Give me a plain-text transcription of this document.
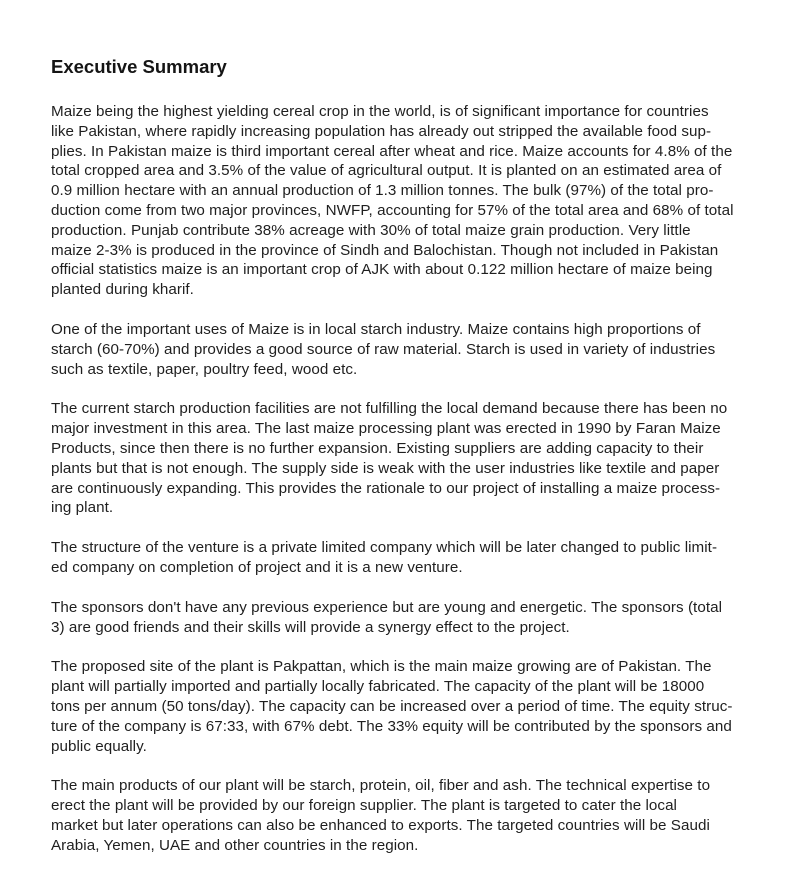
Executive Summary

Maize being the highest yielding cereal crop in the world, is of significant importance for countries
like Pakistan, where rapidly increasing population has already out stripped the available food sup-
plies. In Pakistan maize is third important cereal after wheat and rice. Maize accounts for 4.8% of the
total cropped area and 3.5% of the value of agricultural output. It is planted on an estimated area of
0.9 million hectare with an annual production of 1.3 million tonnes. The bulk (97%) of the total pro-
duction come from two major provinces, NWFP, accounting for 57% of the total area and 68% of total
production. Punjab contribute 38% acreage with 30% of total maize grain production. Very little
maize 2-3% is produced in the province of Sindh and Balochistan. Though not included in Pakistan
official statistics maize is an important crop of AJK with about 0.122 million hectare of maize being
planted during kharif.

One of the important uses of Maize is in local starch industry. Maize contains high proportions of
starch (60-70%) and provides a good source of raw material. Starch is used in variety of industries
such as textile, paper, poultry feed, wood etc.

The current starch production facilities are not fulfilling the local demand because there has been no
major investment in this area. The last maize processing plant was erected in 1990 by Faran Maize
Products, since then there is no further expansion. Existing suppliers are adding capacity to their
plants but that is not enough. The supply side is weak with the user industries like textile and paper
are continuously expanding. This provides the rationale to our project of installing a maize process-
ing plant.

The structure of the venture is a private limited company which will be later changed to public limit-
ed company on completion of project and it is a new venture.

The sponsors don't have any previous experience but are young and energetic. The sponsors (total
3) are good friends and their skills will provide a synergy effect to the project.

The proposed site of the plant is Pakpattan, which is the main maize growing are of Pakistan. The
plant will partially imported and partially locally fabricated. The capacity of the plant will be 18000
tons per annum (50 tons/day). The capacity can be increased over a period of time. The equity struc-
ture of the company is 67:33, with 67% debt. The 33% equity will be contributed by the sponsors and
public equally.

The main products of our plant will be starch, protein, oil, fiber and ash. The technical expertise to
erect the plant will be provided by our foreign supplier. The plant is targeted to cater the local
market but later operations can also be enhanced to exports. The targeted countries will be Saudi
Arabia, Yemen, UAE and other countries in the region.
